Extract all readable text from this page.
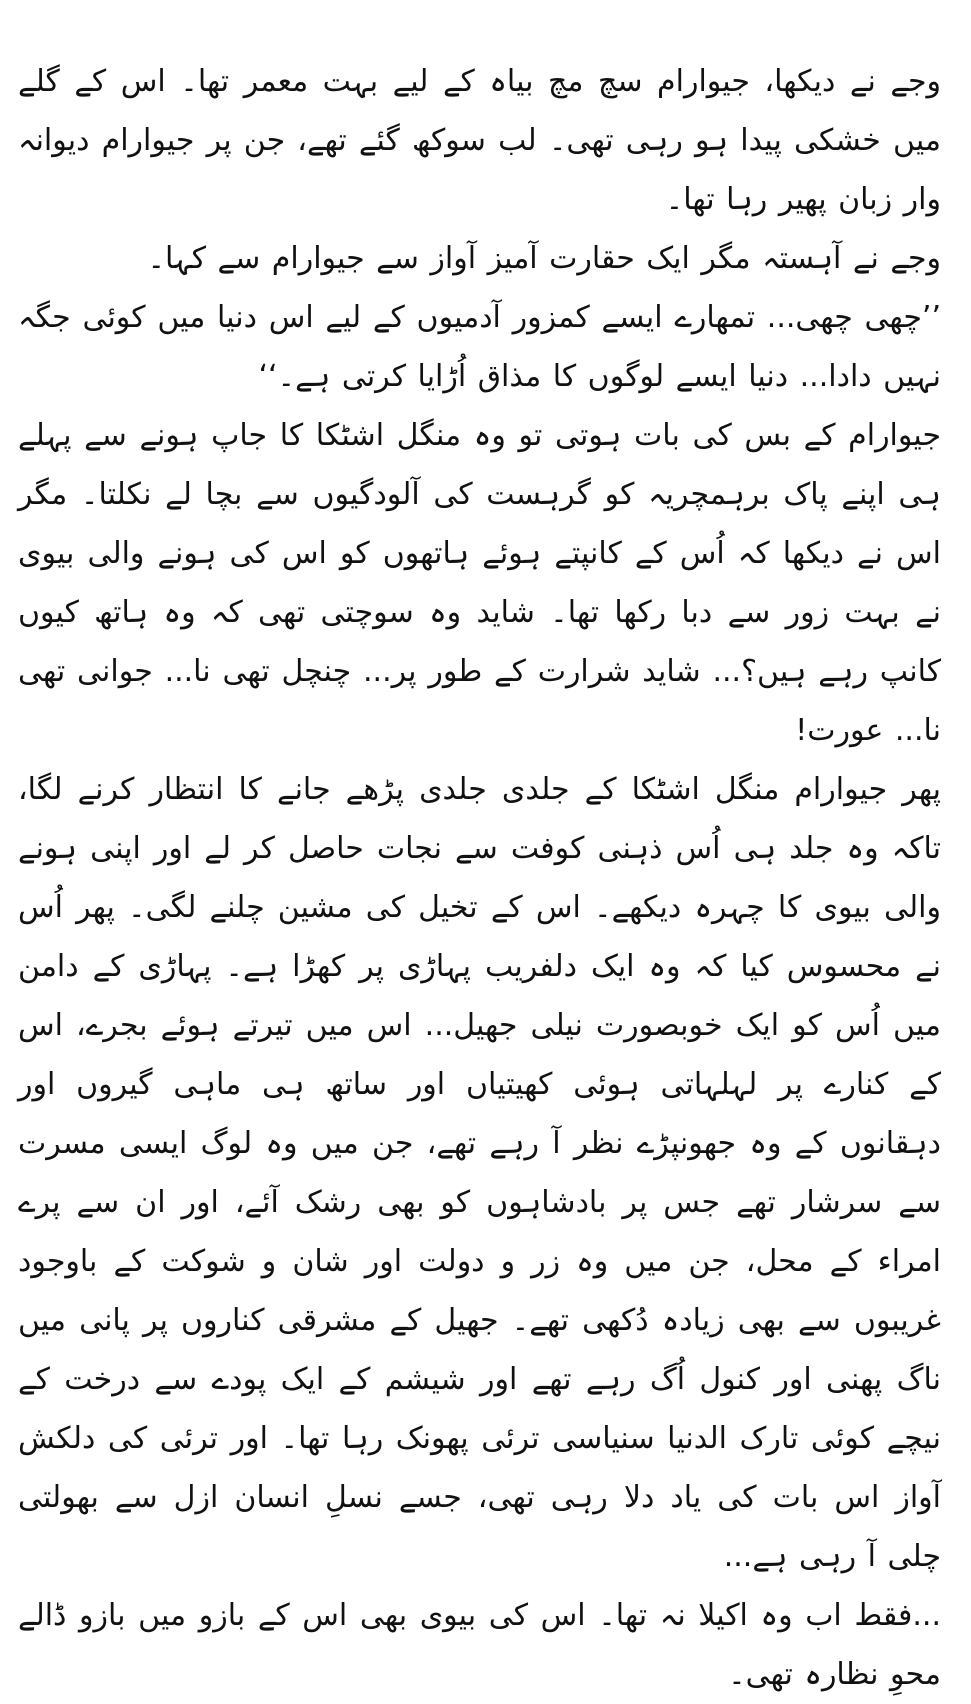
وجے نے دیکھا، جیوارام سچ مچ بیاہ کے لیے بہت معمر تھا۔ اس کے گلے میں خشکی پیدا ہو رہی تھی۔ لب سوکھ گئے تھے، جن پر جیوارام دیوانہ وار زبان پھیر رہا تھا۔

وجے نے آہستہ مگر ایک حقارت آمیز آواز سے جیوارام سے کہا۔

’’چھی چھی... تمھارے ایسے کمزور آدمیوں کے لیے اس دنیا میں کوئی جگہ نہیں دادا... دنیا ایسے لوگوں کا مذاق اُڑایا کرتی ہے۔‘‘

جیوارام کے بس کی بات ہوتی تو وہ منگل اشٹکا کا جاپ ہونے سے پہلے ہی اپنے پاک برہمچریہ کو گرہست کی آلودگیوں سے بچا لے نکلتا۔ مگر اس نے دیکھا کہ اُس کے کانپتے ہوئے ہاتھوں کو اس کی ہونے والی بیوی نے بہت زور سے دبا رکھا تھا۔ شاید وہ سوچتی تھی کہ وہ ہاتھ کیوں کانپ رہے ہیں؟... شاید شرارت کے طور پر... چنچل تھی نا... جوانی تھی نا... عورت!

پھر جیوارام منگل اشٹکا کے جلدی جلدی پڑھے جانے کا انتظار کرنے لگا، تاکہ وہ جلد ہی اُس ذہنی کوفت سے نجات حاصل کر لے اور اپنی ہونے والی بیوی کا چہرہ دیکھے۔ اس کے تخیل کی مشین چلنے لگی۔ پھر اُس نے محسوس کیا کہ وہ ایک دلفریب پہاڑی پر کھڑا ہے۔ پہاڑی کے دامن میں اُس کو ایک خوبصورت نیلی جھیل... اس میں تیرتے ہوئے بجرے، اس کے کنارے پر لہلہاتی ہوئی کھیتیاں اور ساتھ ہی ماہی گیروں اور دہقانوں کے وہ جھونپڑے نظر آ رہے تھے، جن میں وہ لوگ ایسی مسرت سے سرشار تھے جس پر بادشاہوں کو بھی رشک آئے، اور ان سے پرے امراء کے محل، جن میں وہ زر و دولت اور شان و شوکت کے باوجود غریبوں سے بھی زیادہ دُکھی تھے۔ جھیل کے مشرقی کناروں پر پانی میں ناگ پھنی اور کنول اُگ رہے تھے اور شیشم کے ایک پودے سے درخت کے نیچے کوئی تارک الدنیا سنیاسی ترئی پھونک رہا تھا۔ اور ترئی کی دلکش آواز اس بات کی یاد دلا رہی تھی، جسے نسلِ انسان ازل سے بھولتی چلی آ رہی ہے...

...فقط اب وہ اکیلا نہ تھا۔ اس کی بیوی بھی اس کے بازو میں بازو ڈالے محوِ نظارہ تھی۔
